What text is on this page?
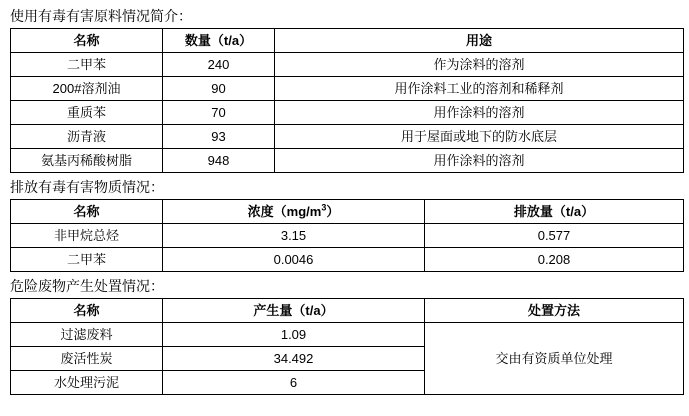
使用有毒有害原料情况简介：
名称	数量（t/a）	用途
二甲苯	240	作为涂料的溶剂
200#溶剂油	90	用作涂料工业的溶剂和稀释剂
重质苯	70	用作涂料的溶剂
沥青液	93	用于屋面或地下的防水底层
氨基丙稀酸树脂	948	用作涂料的溶剂
排放有毒有害物质情况：
名称	浓度$(mg/m^3)$	排放量（t/a）
非甲烷总烃	3.15	0.577
二甲苯	0.0046	0.208
危险废物产生处置情况：
名称	产生量（t/a）	处置方法
过滤废料	1.09	交由有资质单位处理
废活性炭	34.492	
水处理污泥	6	
